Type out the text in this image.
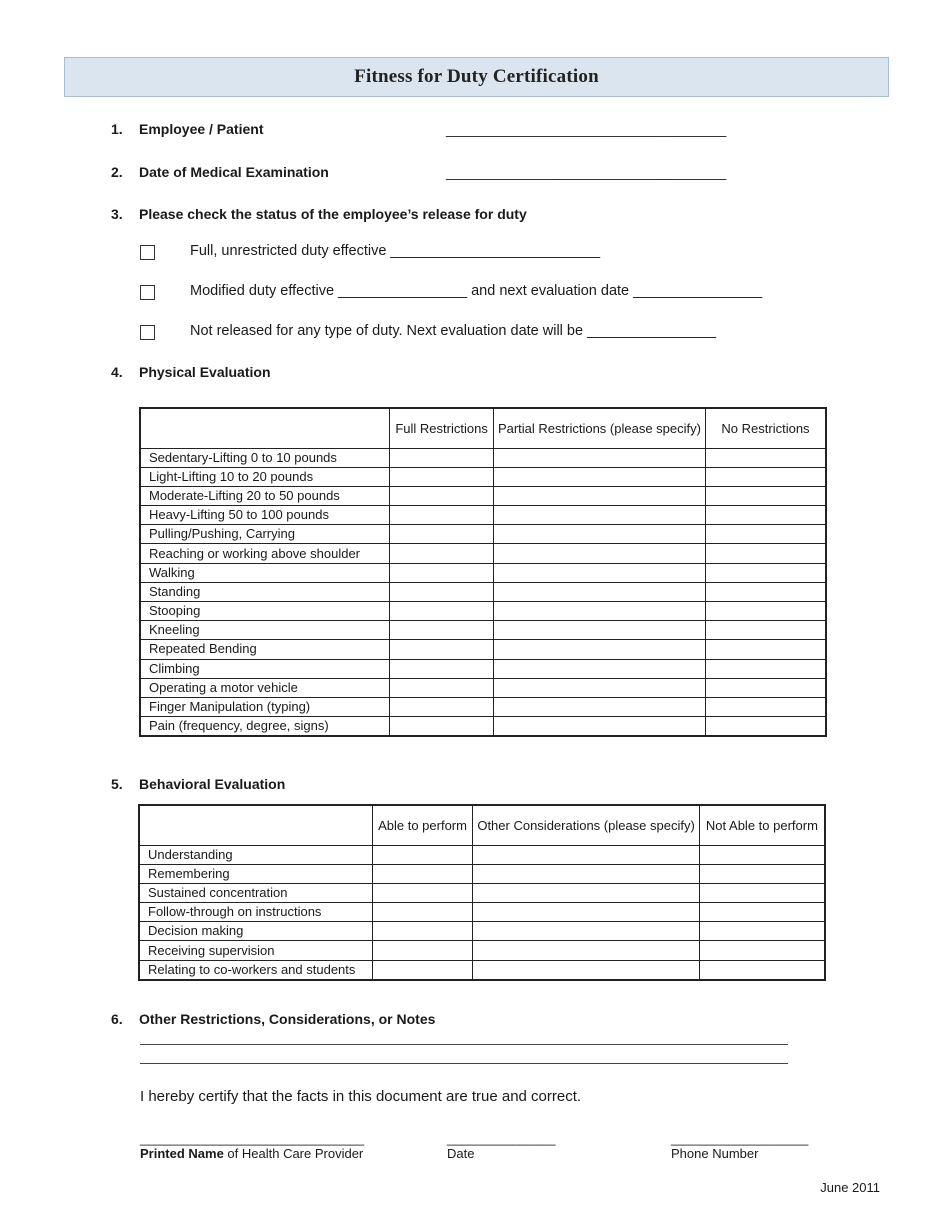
Fitness for Duty Certification
1. Employee / Patient	____________________________________
2. Date of Medical Examination	____________________________________
3. Please check the status of the employee’s release for duty
Full, unrestricted duty effective __________________________
Modified duty effective ________________ and next evaluation date ________________
Not released for any type of duty. Next evaluation date will be ________________
4. Physical Evaluation
	Full Restrictions	Partial Restrictions (please specify)	No Restrictions
Sedentary-Lifting 0 to 10 pounds			
Light-Lifting 10 to 20 pounds			
Moderate-Lifting 20 to 50 pounds			
Heavy-Lifting 50 to 100 pounds			
Pulling/Pushing, Carrying			
Reaching or working above shoulder			
Walking			
Standing			
Stooping			
Kneeling			
Repeated Bending			
Climbing			
Operating a motor vehicle			
Finger Manipulation (typing)			
Pain (frequency, degree, signs)			
5. Behavioral Evaluation
	Able to perform	Other Considerations (please specify)	Not Able to perform
Understanding			
Remembering			
Sustained concentration			
Follow-through on instructions			
Decision making			
Receiving supervision			
Relating to co-workers and students			
6. Other Restrictions, Considerations, or Notes
I hereby certify that the facts in this document are true and correct.
_______________________________	_______________	___________________
Printed Name of Health Care Provider	Date	Phone Number
June 2011
